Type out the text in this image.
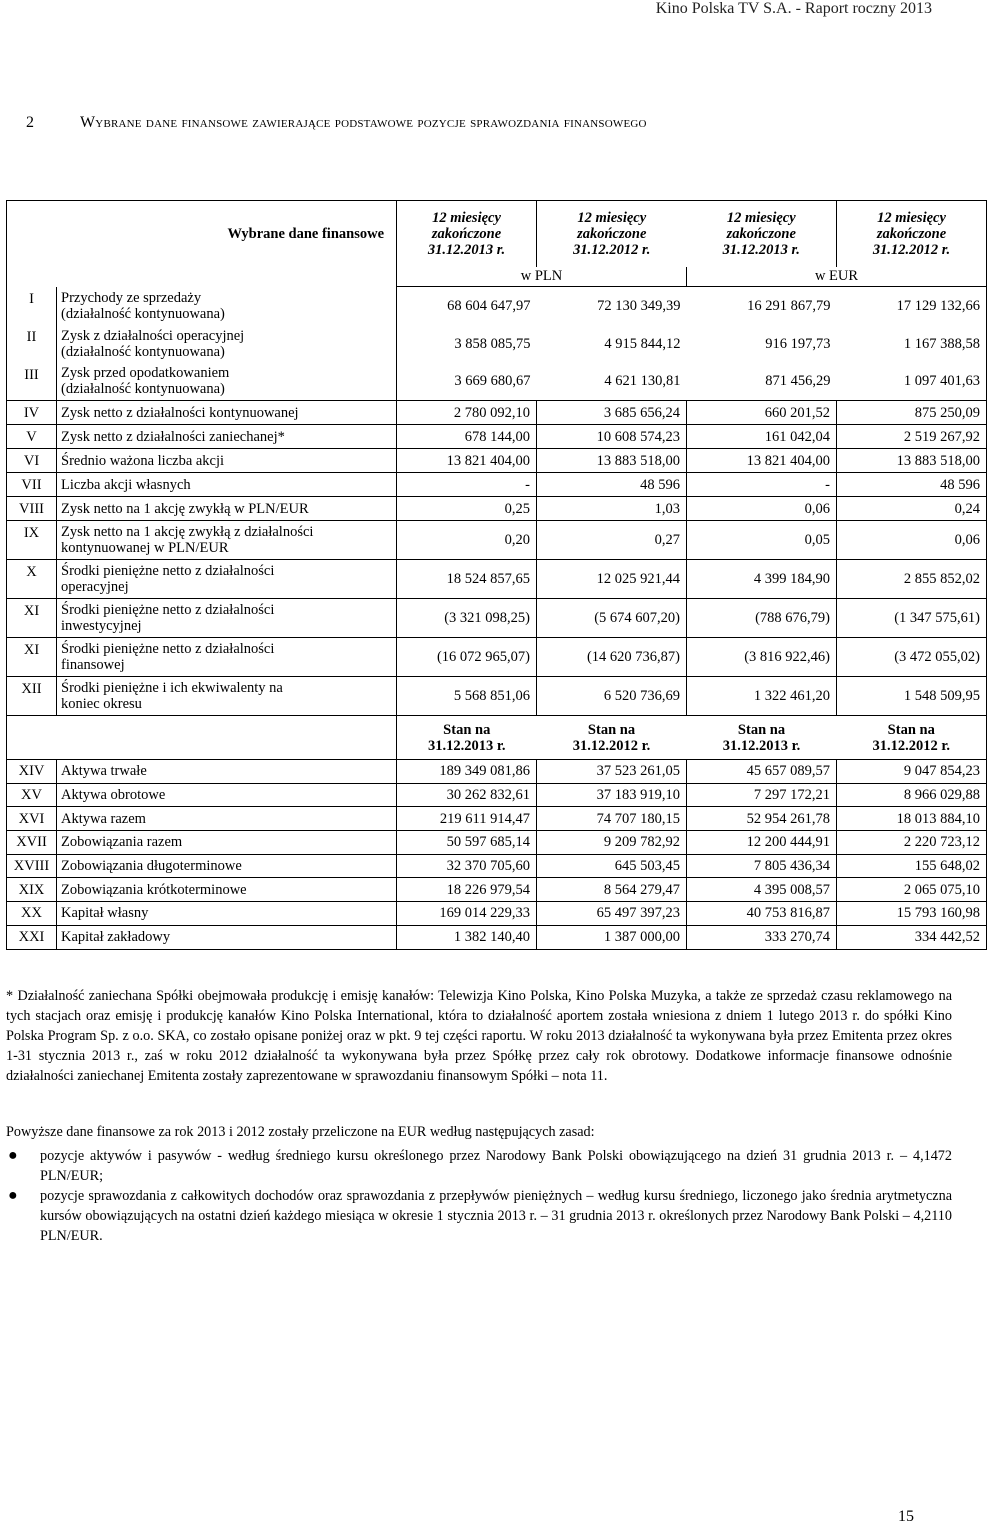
Kino Polska TV S.A. - Raport roczny 2013
2	Wybrane dane finansowe zawierające podstawowe pozycje sprawozdania finansowego
Wybrane dane finansowe		12 miesięcy
zakończone
31.12.2013 r.	12 miesięcy
zakończone
31.12.2012 r.	12 miesięcy
zakończone
31.12.2013 r.	12 miesięcy
zakończone
31.12.2012 r.
		w PLN		w EUR	
I	Przychody ze sprzedaży
(działalność kontynuowana)	68 604 647,97	72 130 349,39	16 291 867,79	17 129 132,66
II	Zysk z działalności operacyjnej
(działalność kontynuowana)	3 858 085,75	4 915 844,12	916 197,73	1 167 388,58
III	Zysk przed opodatkowaniem
(działalność kontynuowana)	3 669 680,67	4 621 130,81	871 456,29	1 097 401,63
IV	Zysk netto z działalności kontynuowanej	2 780 092,10	3 685 656,24	660 201,52	875 250,09
V	Zysk netto z działalności zaniechanej*	678 144,00	10 608 574,23	161 042,04	2 519 267,92
VI	Średnio ważona liczba akcji	13 821 404,00	13 883 518,00	13 821 404,00	13 883 518,00
VII	Liczba akcji własnych	-	48 596	-	48 596
VIII	Zysk netto na 1 akcję zwykłą w PLN/EUR	0,25	1,03	0,06	0,24
IX	Zysk netto na 1 akcję zwykłą z działalności
kontynuowanej w PLN/EUR	0,20	0,27	0,05	0,06
X	Środki pieniężne netto z działalności
operacyjnej	18 524 857,65	12 025 921,44	4 399 184,90	2 855 852,02
XI	Środki pieniężne netto z działalności
inwestycyjnej	(3 321 098,25)	(5 674 607,20)	(788 676,79)	(1 347 575,61)
XI	Środki pieniężne netto z działalności
finansowej	(16 072 965,07)	(14 620 736,87)	(3 816 922,46)	(3 472 055,02)
XII	Środki pieniężne i ich ekwiwalenty na
koniec okresu	5 568 851,06	6 520 736,69	1 322 461,20	1 548 509,95
		Stan na
31.12.2013 r.	Stan na
31.12.2012 r.	Stan na
31.12.2013 r.	Stan na
31.12.2012 r.
XIV	Aktywa trwałe	189 349 081,86	37 523 261,05	45 657 089,57	9 047 854,23
XV	Aktywa obrotowe	30 262 832,61	37 183 919,10	7 297 172,21	8 966 029,88
XVI	Aktywa razem	219 611 914,47	74 707 180,15	52 954 261,78	18 013 884,10
XVII	Zobowiązania razem	50 597 685,14	9 209 782,92	12 200 444,91	2 220 723,12
XVIII	Zobowiązania długoterminowe	32 370 705,60	645 503,45	7 805 436,34	155 648,02
XIX	Zobowiązania krótkoterminowe	18 226 979,54	8 564 279,47	4 395 008,57	2 065 075,10
XX	Kapitał własny	169 014 229,33	65 497 397,23	40 753 816,87	15 793 160,98
XXI	Kapitał zakładowy	1 382 140,40	1 387 000,00	333 270,74	334 442,52
* Działalność zaniechana Spółki obejmowała produkcję i emisję kanałów: Telewizja Kino Polska, Kino Polska Muzyka, a także ze sprzedaż czasu reklamowego na tych stacjach oraz emisję i produkcję kanałów Kino Polska International, która to działalność aportem została wniesiona z dniem 1 lutego 2013 r. do spółki Kino Polska Program Sp. z o.o. SKA, co zostało opisane poniżej oraz w pkt. 9 tej części raportu. W roku 2013 działalność ta wykonywana była przez Emitenta przez okres 1-31 stycznia 2013 r., zaś w roku 2012 działalność ta wykonywana była przez Spółkę przez cały rok obrotowy. Dodatkowe informacje finansowe odnośnie działalności zaniechanej Emitenta zostały zaprezentowane w sprawozdaniu finansowym Spółki – nota 11.
Powyższe dane finansowe za rok 2013 i 2012 zostały przeliczone na EUR według następujących zasad:
● pozycje aktywów i pasywów - według średniego kursu określonego przez Narodowy Bank Polski obowiązującego na dzień 31 grudnia 2013 r. – 4,1472 PLN/EUR;
● pozycje sprawozdania z całkowitych dochodów oraz sprawozdania z przepływów pieniężnych – według kursu średniego, liczonego jako średnia arytmetyczna kursów obowiązujących na ostatni dzień każdego miesiąca w okresie 1 stycznia 2013 r. – 31 grudnia 2013 r. określonych przez Narodowy Bank Polski – 4,2110 PLN/EUR.
15
